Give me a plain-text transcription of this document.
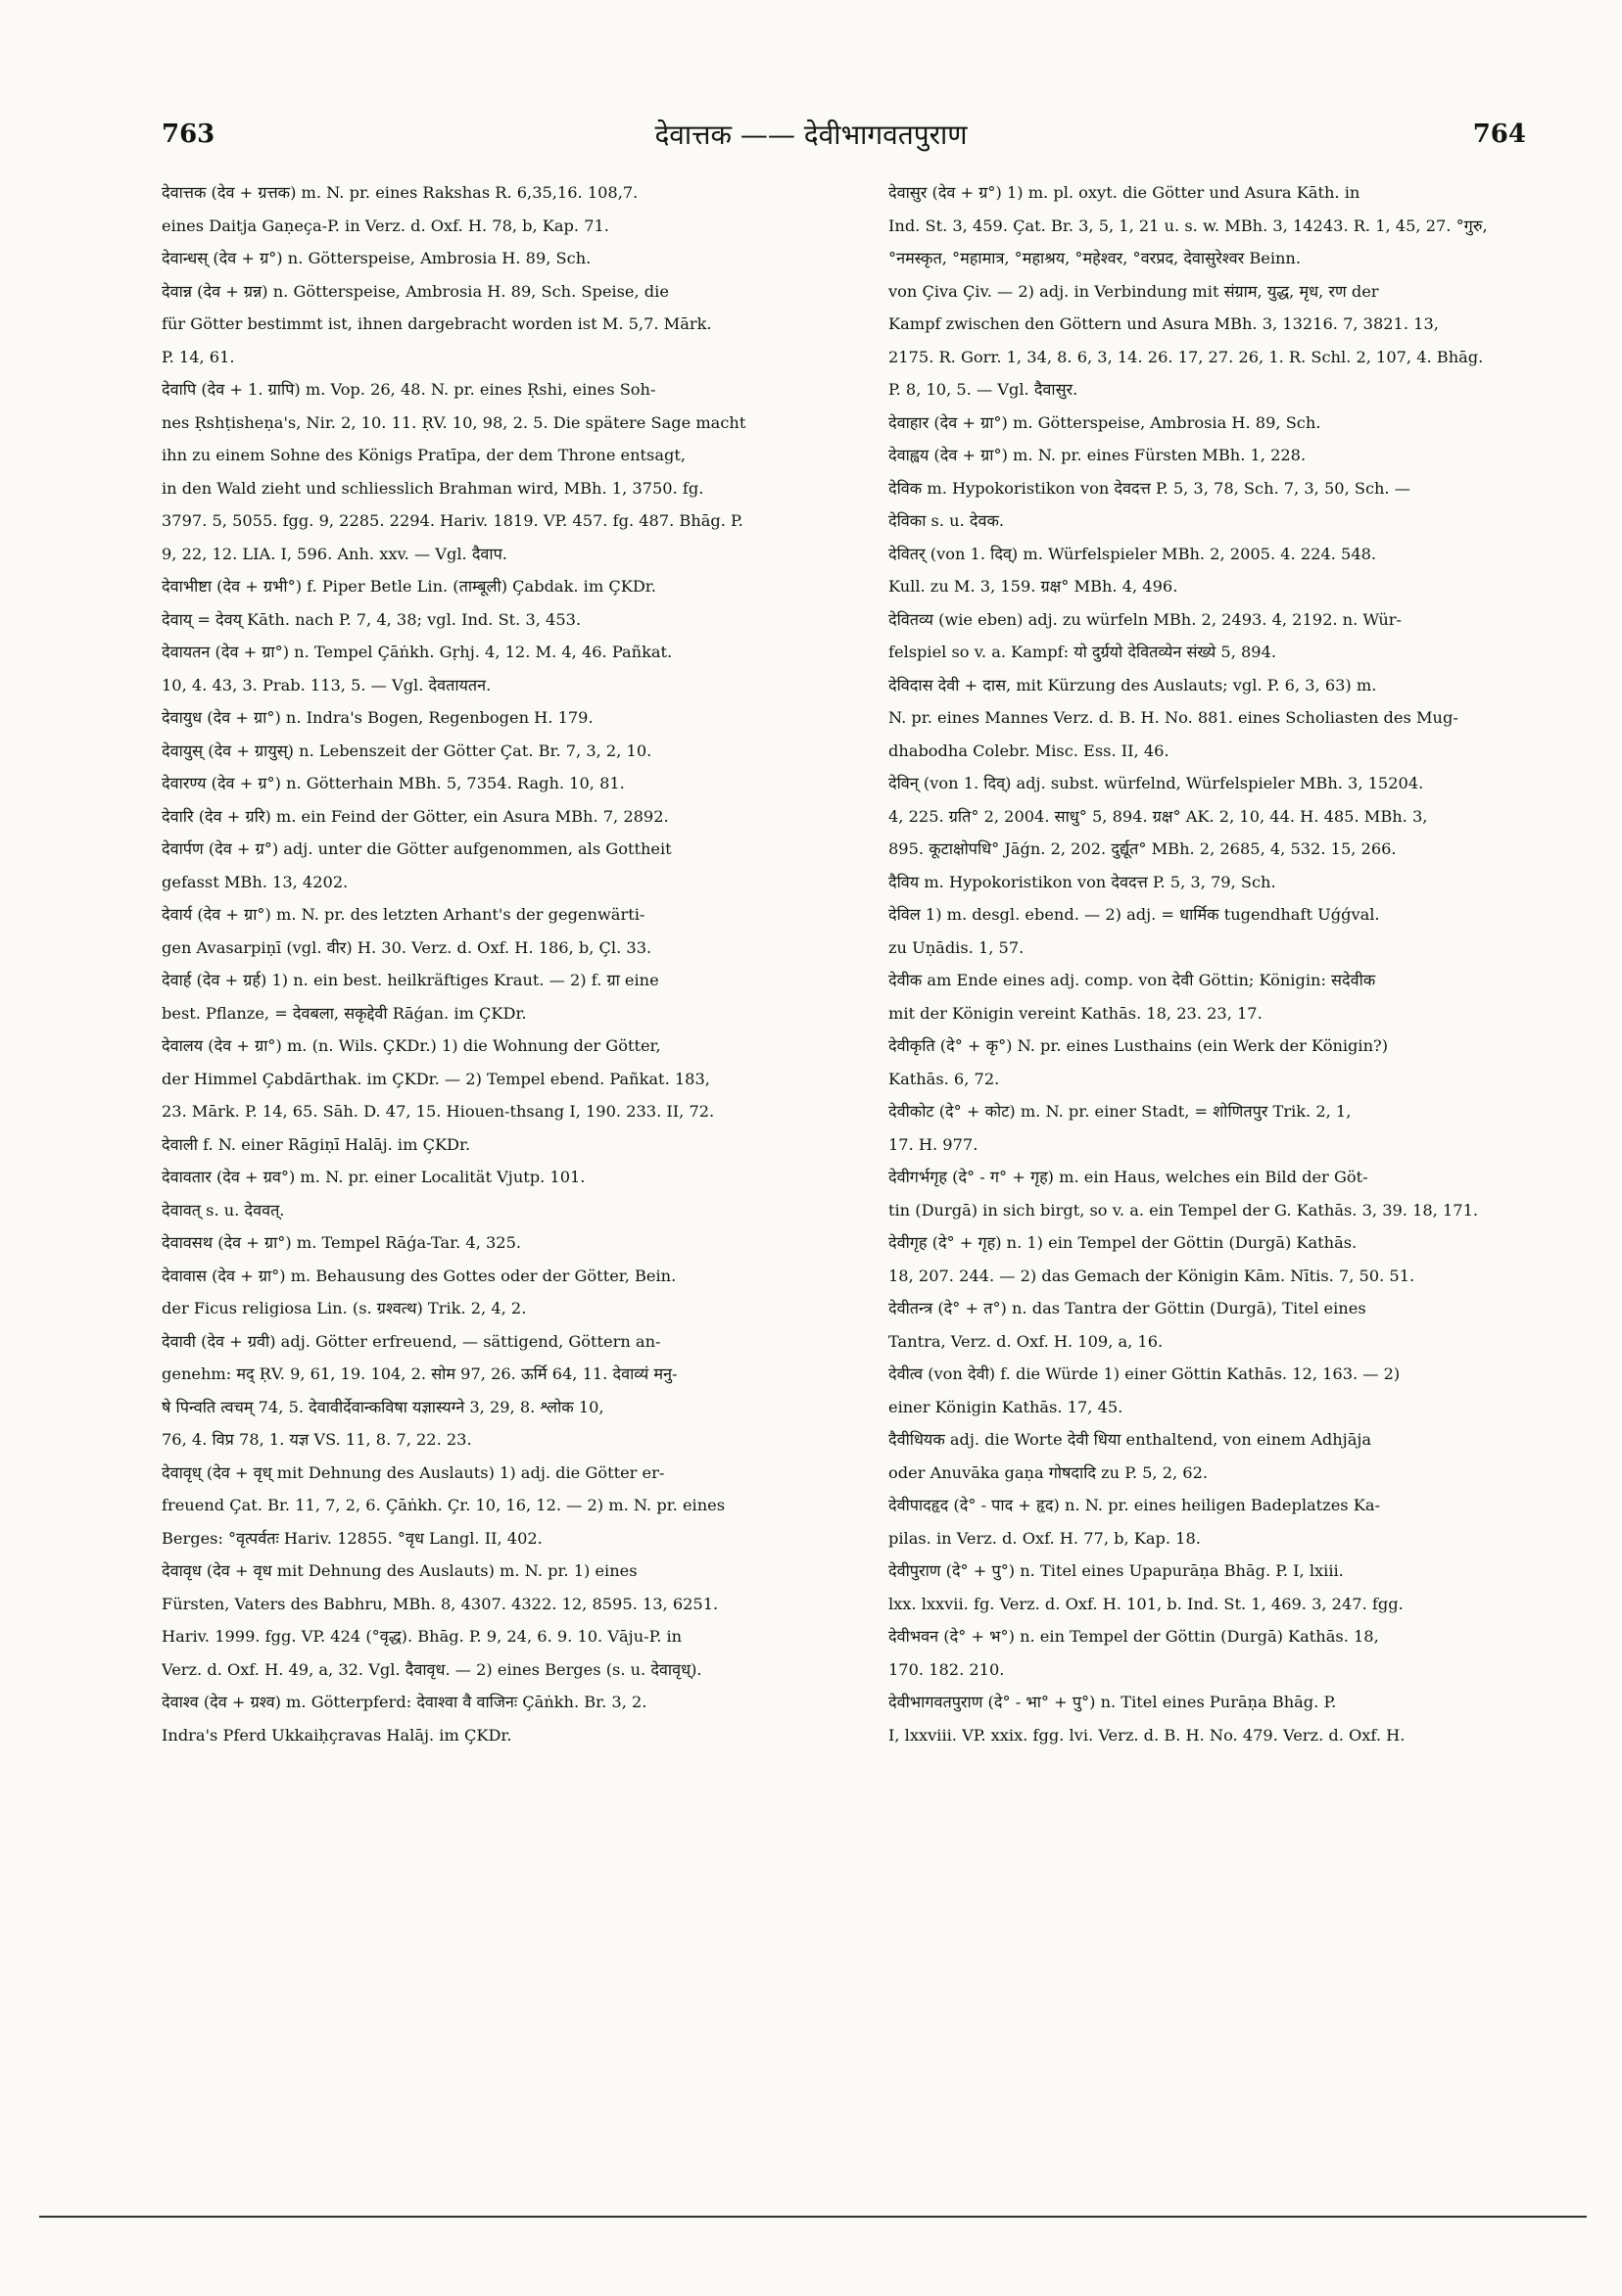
763	देवात्तक —— देवीभागवतपुराण	764
देवात्तक (देव + ग्रत्तक) m. N. pr. eines Rakshas R. 6,35,16. 108,7.
eines Daitja Gaṇeça-P. in Verz. d. Oxf. H. 78, b, Kap. 71.
देवान्धस् (देव + ग्र°) n. Götterspeise, Ambrosia H. 89, Sch.
देवान्न (देव + ग्रन्न) n. Götterspeise, Ambrosia H. 89, Sch. Speise, die
für Götter bestimmt ist, ihnen dargebracht worden ist M. 5,7. Mārk.
P. 14, 61.
देवापि (देव + 1. ग्रापि) m. Vop. 26, 48. N. pr. eines Ṛshi, eines Soh-
nes Ṛshṭisheṇa's, Nir. 2, 10. 11. ṚV. 10, 98, 2. 5. Die spätere Sage macht
ihn zu einem Sohne des Königs Pratīpa, der dem Throne entsagt,
in den Wald zieht und schliesslich Brahman wird, MBh. 1, 3750. fg.
3797. 5, 5055. fgg. 9, 2285. 2294. Hariv. 1819. VP. 457. fg. 487. Bhāg. P.
9, 22, 12. LIA. I, 596. Anh. xxv. — Vgl. दैवाप.
देवाभीष्टा (देव + ग्रभी°) f. Piper Betle Lin. (ताम्बूली) Çabdak. im ÇKDr.
देवाय् = देवय् Kāth. nach P. 7, 4, 38; vgl. Ind. St. 3, 453.
देवायतन (देव + ग्रा°) n. Tempel Çāṅkh. Gṛhj. 4, 12. M. 4, 46. Pañkat.
10, 4. 43, 3. Prab. 113, 5. — Vgl. देवतायतन.
देवायुध (देव + ग्रा°) n. Indra's Bogen, Regenbogen H. 179.
देवायुस् (देव + ग्रायुस्) n. Lebenszeit der Götter Çat. Br. 7, 3, 2, 10.
देवारण्य (देव + ग्र°) n. Götterhain MBh. 5, 7354. Ragh. 10, 81.
देवारि (देव + ग्ररि) m. ein Feind der Götter, ein Asura MBh. 7, 2892.
देवार्पण (देव + ग्र°) adj. unter die Götter aufgenommen, als Gottheit
gefasst MBh. 13, 4202.
देवार्य (देव + ग्रा°) m. N. pr. des letzten Arhant's der gegenwärti-
gen Avasarpiṇī (vgl. वीर) H. 30. Verz. d. Oxf. H. 186, b, Çl. 33.
देवार्ह (देव + ग्रर्ह) 1) n. ein best. heilkräftiges Kraut. — 2) f. ग्रा eine
best. Pflanze, = देवबला, सकृद्देवी Rāǵan. im ÇKDr.
देवालय (देव + ग्रा°) m. (n. Wils. ÇKDr.) 1) die Wohnung der Götter,
der Himmel Çabdārthak. im ÇKDr. — 2) Tempel ebend. Pañkat. 183,
23. Mārk. P. 14, 65. Sāh. D. 47, 15. Hiouen-thsang I, 190. 233. II, 72.
देवाली f. N. einer Rāgiṇī Halāj. im ÇKDr.
देवावतार (देव + ग्रव°) m. N. pr. einer Localität Vjutp. 101.
देवावत् s. u. देववत्.
देवावसथ (देव + ग्रा°) m. Tempel Rāǵa-Tar. 4, 325.
देवावास (देव + ग्रा°) m. Behausung des Gottes oder der Götter, Bein.
der Ficus religiosa Lin. (s. ग्रश्वत्थ) Trik. 2, 4, 2.
देवावी (देव + ग्रवी) adj. Götter erfreuend, — sättigend, Göttern an-
genehm: मद् ṚV. 9, 61, 19. 104, 2. सोम 97, 26. ऊर्मि 64, 11. देवाव्यं मनु-
षे पिन्वति त्वचम् 74, 5. देवावीर्देवान्कविषा यज्ञास्यग्ने 3, 29, 8. श्लोक 10,
76, 4. विप्र 78, 1. यज्ञ VS. 11, 8. 7, 22. 23.
देवावृध् (देव + वृध् mit Dehnung des Auslauts) 1) adj. die Götter er-
freuend Çat. Br. 11, 7, 2, 6. Çāṅkh. Çr. 10, 16, 12. — 2) m. N. pr. eines
Berges: °वृत्पर्वतः Hariv. 12855. °वृध Langl. II, 402.
देवावृध (देव + वृध mit Dehnung des Auslauts) m. N. pr. 1) eines
Fürsten, Vaters des Babhru, MBh. 8, 4307. 4322. 12, 8595. 13, 6251.
Hariv. 1999. fgg. VP. 424 (°वृद्ध). Bhāg. P. 9, 24, 6. 9. 10. Vāju-P. in
Verz. d. Oxf. H. 49, a, 32. Vgl. दैवावृध. — 2) eines Berges (s. u. देवावृध्).
देवाश्व (देव + ग्रश्व) m. Götterpferd: देवाश्वा वै वाजिनः Çāṅkh. Br. 3, 2.
Indra's Pferd Ukkaiḥçravas Halāj. im ÇKDr.
देवासुर (देव + ग्र°) 1) m. pl. oxyt. die Götter und Asura Kāth. in
Ind. St. 3, 459. Çat. Br. 3, 5, 1, 21 u. s. w. MBh. 3, 14243. R. 1, 45, 27. °गुरु,
°नमस्कृत, °महामात्र, °महाश्रय, °महेश्वर, °वरप्रद, देवासुरेश्वर Beinn.
von Çiva Çiv. — 2) adj. in Verbindung mit संग्राम, युद्ध, मृध, रण der
Kampf zwischen den Göttern und Asura MBh. 3, 13216. 7, 3821. 13,
2175. R. Gorr. 1, 34, 8. 6, 3, 14. 26. 17, 27. 26, 1. R. Schl. 2, 107, 4. Bhāg.
P. 8, 10, 5. — Vgl. दैवासुर.
देवाहार (देव + ग्रा°) m. Götterspeise, Ambrosia H. 89, Sch.
देवाह्वय (देव + ग्रा°) m. N. pr. eines Fürsten MBh. 1, 228.
देविक m. Hypokoristikon von देवदत्त P. 5, 3, 78, Sch. 7, 3, 50, Sch. —
देविका s. u. देवक.
देवितर् (von 1. दिव्) m. Würfelspieler MBh. 2, 2005. 4. 224. 548.
Kull. zu M. 3, 159. ग्रक्ष° MBh. 4, 496.
देवितव्य (wie eben) adj. zu würfeln MBh. 2, 2493. 4, 2192. n. Wür-
felspiel so v. a. Kampf: यो दुर्ग्रयो देवितव्येन संख्ये 5, 894.
देविदास देवी + दास, mit Kürzung des Auslauts; vgl. P. 6, 3, 63) m.
N. pr. eines Mannes Verz. d. B. H. No. 881. eines Scholiasten des Mug-
dhabodha Colebr. Misc. Ess. II, 46.
देविन् (von 1. दिव्) adj. subst. würfelnd, Würfelspieler MBh. 3, 15204.
4, 225. ग्रति° 2, 2004. साधु° 5, 894. ग्रक्ष° AK. 2, 10, 44. H. 485. MBh. 3,
895. कूटाक्षोपधि° Jāǵn. 2, 202. दुर्द्यूत° MBh. 2, 2685, 4, 532. 15, 266.
दैविय m. Hypokoristikon von देवदत्त P. 5, 3, 79, Sch.
देविल 1) m. desgl. ebend. — 2) adj. = धार्मिक tugendhaft Uǵǵval.
zu Uṇādis. 1, 57.
देवीक am Ende eines adj. comp. von देवी Göttin; Königin: सदेवीक
mit der Königin vereint Kathās. 18, 23. 23, 17.
देवीकृति (दे° + कृ°) N. pr. eines Lusthains (ein Werk der Königin?)
Kathās. 6, 72.
देवीकोट (दे° + कोट) m. N. pr. einer Stadt, = शोणितपुर Trik. 2, 1,
17. H. 977.
देवीगर्भगृह (दे° - ग° + गृह) m. ein Haus, welches ein Bild der Göt-
tin (Durgā) in sich birgt, so v. a. ein Tempel der G. Kathās. 3, 39. 18, 171.
देवीगृह (दे° + गृह) n. 1) ein Tempel der Göttin (Durgā) Kathās.
18, 207. 244. — 2) das Gemach der Königin Kām. Nītis. 7, 50. 51.
देवीतन्त्र (दे° + त°) n. das Tantra der Göttin (Durgā), Titel eines
Tantra, Verz. d. Oxf. H. 109, a, 16.
देवीत्व (von देवी) f. die Würde 1) einer Göttin Kathās. 12, 163. — 2)
einer Königin Kathās. 17, 45.
दैवीधियक adj. die Worte देवी धिया enthaltend, von einem Adhjāja
oder Anuvāka gaṇa गोषदादि zu P. 5, 2, 62.
देवीपादहृद (दे° - पाद + हृद) n. N. pr. eines heiligen Badeplatzes Ka-
pilas. in Verz. d. Oxf. H. 77, b, Kap. 18.
देवीपुराण (दे° + पु°) n. Titel eines Upapurāṇa Bhāg. P. I, lxiii.
lxx. lxxvii. fg. Verz. d. Oxf. H. 101, b. Ind. St. 1, 469. 3, 247. fgg.
देवीभवन (दे° + भ°) n. ein Tempel der Göttin (Durgā) Kathās. 18,
170. 182. 210.
देवीभागवतपुराण (दे° - भा° + पु°) n. Titel eines Purāṇa Bhāg. P.
I, lxxviii. VP. xxix. fgg. lvi. Verz. d. B. H. No. 479. Verz. d. Oxf. H.
